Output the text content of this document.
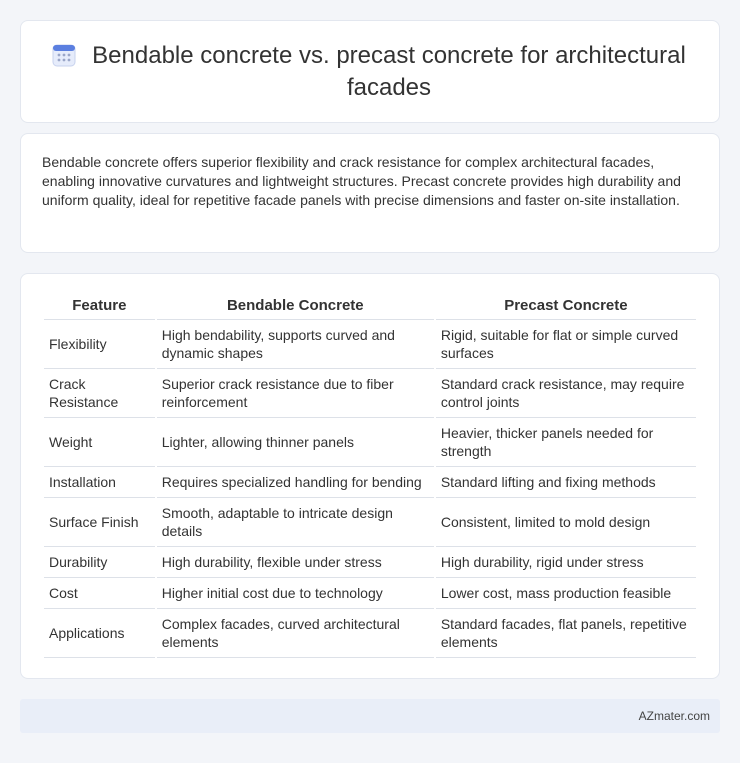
Bendable concrete vs. precast concrete for architectural facades

Bendable concrete offers superior flexibility and crack resistance for complex architectural facades, enabling innovative curvatures and lightweight structures. Precast concrete provides high durability and uniform quality, ideal for repetitive facade panels with precise dimensions and faster on-site installation.

Feature	Bendable Concrete	Precast Concrete
Flexibility	High bendability, supports curved and dynamic shapes	Rigid, suitable for flat or simple curved surfaces
Crack Resistance	Superior crack resistance due to fiber reinforcement	Standard crack resistance, may require control joints
Weight	Lighter, allowing thinner panels	Heavier, thicker panels needed for strength
Installation	Requires specialized handling for bending	Standard lifting and fixing methods
Surface Finish	Smooth, adaptable to intricate design details	Consistent, limited to mold design
Durability	High durability, flexible under stress	High durability, rigid under stress
Cost	Higher initial cost due to technology	Lower cost, mass production feasible
Applications	Complex facades, curved architectural elements	Standard facades, flat panels, repetitive elements
AZmater.com
